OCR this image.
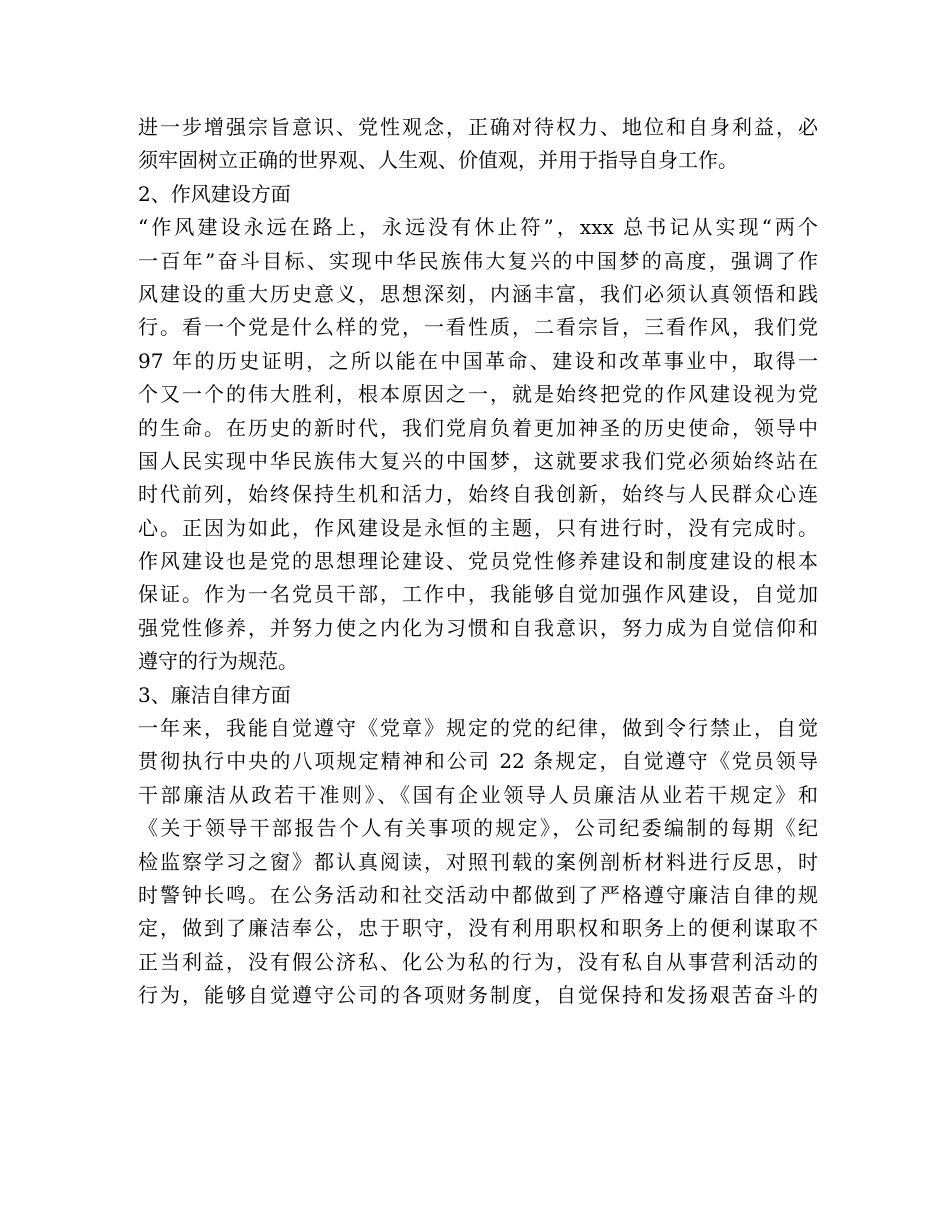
进一步增强宗旨意识、党性观念，正确对待权力、地位和自身利益，必
须牢固树立正确的世界观、人生观、价值观，并用于指导自身工作。
2、作风建设方面
“作风建设永远在路上，永远没有休止符”，xxx 总书记从实现“两个
一百年”奋斗目标、实现中华民族伟大复兴的中国梦的高度，强调了作
风建设的重大历史意义，思想深刻，内涵丰富，我们必须认真领悟和践
行。看一个党是什么样的党，一看性质，二看宗旨，三看作风，我们党
97 年的历史证明，之所以能在中国革命、建设和改革事业中，取得一
个又一个的伟大胜利，根本原因之一，就是始终把党的作风建设视为党
的生命。在历史的新时代，我们党肩负着更加神圣的历史使命，领导中
国人民实现中华民族伟大复兴的中国梦，这就要求我们党必须始终站在
时代前列，始终保持生机和活力，始终自我创新，始终与人民群众心连
心。正因为如此，作风建设是永恒的主题，只有进行时，没有完成时。
作风建设也是党的思想理论建设、党员党性修养建设和制度建设的根本
保证。作为一名党员干部，工作中，我能够自觉加强作风建设，自觉加
强党性修养，并努力使之内化为习惯和自我意识，努力成为自觉信仰和
遵守的行为规范。
3、廉洁自律方面
一年来，我能自觉遵守《党章》规定的党的纪律，做到令行禁止，自觉
贯彻执行中央的八项规定精神和公司 22 条规定，自觉遵守《党员领导
干部廉洁从政若干准则》、《国有企业领导人员廉洁从业若干规定》和
《关于领导干部报告个人有关事项的规定》，公司纪委编制的每期《纪
检监察学习之窗》都认真阅读，对照刊载的案例剖析材料进行反思，时
时警钟长鸣。在公务活动和社交活动中都做到了严格遵守廉洁自律的规
定，做到了廉洁奉公，忠于职守，没有利用职权和职务上的便利谋取不
正当利益，没有假公济私、化公为私的行为，没有私自从事营利活动的
行为，能够自觉遵守公司的各项财务制度，自觉保持和发扬艰苦奋斗的
